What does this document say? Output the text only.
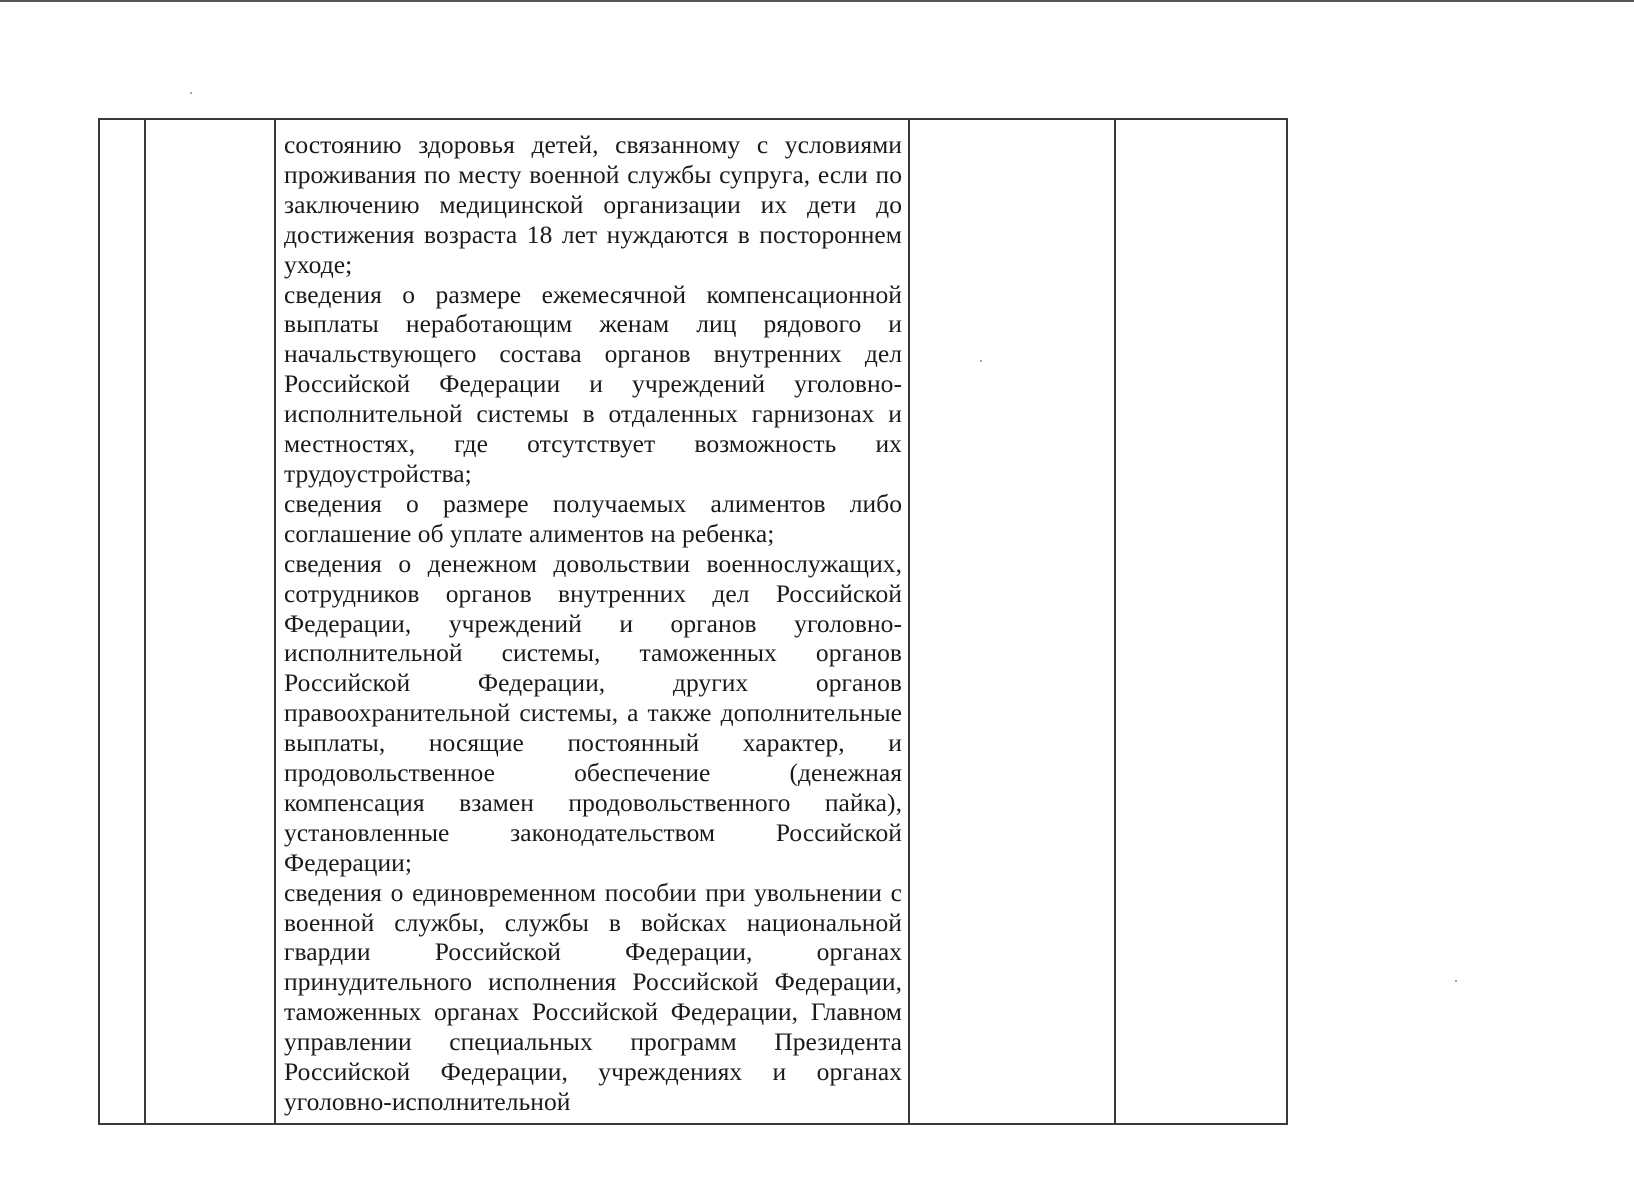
состоянию здоровья детей, связанному с условиями проживания по месту военной службы супруга, если по заключению медицинской организации их дети до достижения возраста 18 лет нуждаются в постороннем уходе;

сведения о размере ежемесячной компенсационной выплаты неработающим женам лиц рядового и начальствующего состава органов внутренних дел Российской Федерации и учреждений уголовно-исполнительной системы в отдаленных гарнизонах и местностях, где отсутствует возможность их трудоустройства;

сведения о размере получаемых алиментов либо соглашение об уплате алиментов на ребенка;

сведения о денежном довольствии военнослужащих, сотрудников органов внутренних дел Российской Федерации, учреждений и органов уголовно-исполнительной системы, таможенных органов Российской Федерации, других органов правоохранительной системы, а также дополнительные выплаты, носящие постоянный характер, и продовольственное обеспечение (денежная компенсация взамен продовольственного пайка), установленные законодательством Российской Федерации;

сведения о единовременном пособии при увольнении с военной службы, службы в войсках национальной гвардии Российской Федерации, органах принудительного исполнения Российской Федерации, таможенных органах Российской Федерации, Главном управлении специальных программ Президента Российской Федерации, учреждениях и органах уголовно-исполнительной
